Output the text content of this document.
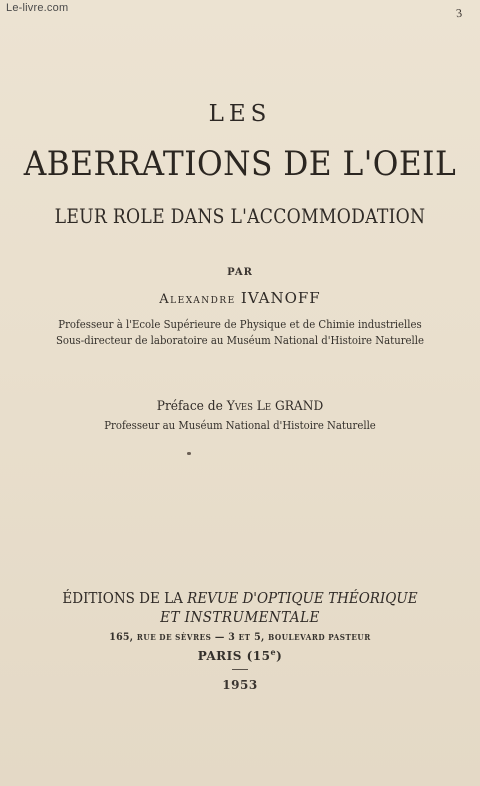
Le-livre.com	3
LES
ABERRATIONS DE L'OEIL
LEUR ROLE DANS L'ACCOMMODATION
PAR
Alexandre IVANOFF
Professeur à l'Ecole Supérieure de Physique et de Chimie industrielles
Sous-directeur de laboratoire au Muséum National d'Histoire Naturelle
Préface de Yves Le GRAND
Professeur au Muséum National d'Histoire Naturelle
ÉDITIONS DE LA REVUE D'OPTIQUE THÉORIQUE
ET INSTRUMENTALE
165, RUE DE SÈVRES — 3 ET 5, BOULEVARD PASTEUR
PARIS (15e)
1953
